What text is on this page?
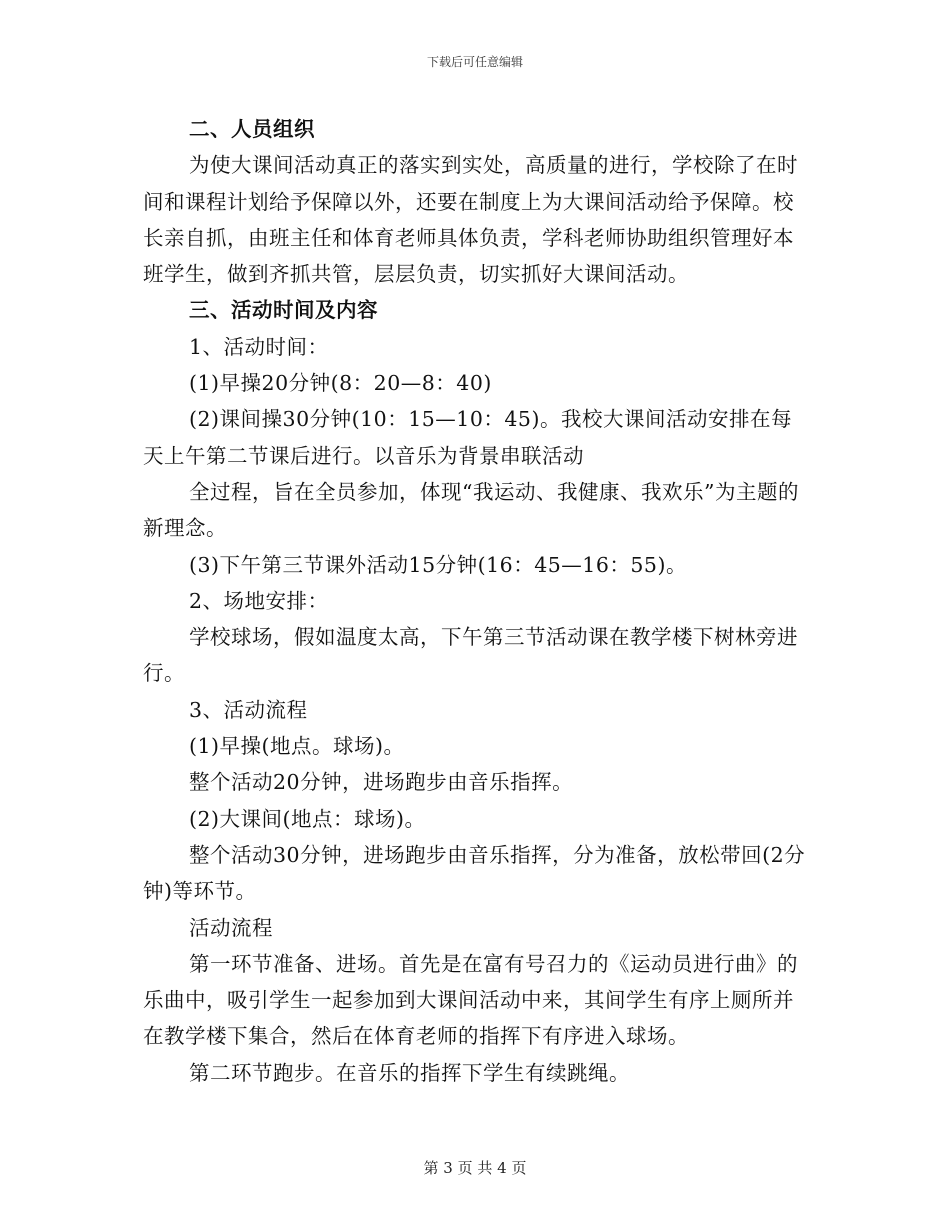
下载后可任意编辑

二、人员组织

为使大课间活动真正的落实到实处，高质量的进行，学校除了在时间和课程计划给予保障以外，还要在制度上为大课间活动给予保障。校长亲自抓，由班主任和体育老师具体负责，学科老师协助组织管理好本班学生，做到齐抓共管，层层负责，切实抓好大课间活动。

三、活动时间及内容

1、活动时间：

(1)早操20分钟(8：20—8：40)

(2)课间操30分钟(10：15—10：45)。我校大课间活动安排在每天上午第二节课后进行。以音乐为背景串联活动

全过程，旨在全员参加，体现“我运动、我健康、我欢乐”为主题的新理念。

(3)下午第三节课外活动15分钟(16：45—16：55)。

2、场地安排：

学校球场，假如温度太高，下午第三节活动课在教学楼下树林旁进行。

3、活动流程

(1)早操(地点。球场)。

整个活动20分钟，进场跑步由音乐指挥。

(2)大课间(地点：球场)。

整个活动30分钟，进场跑步由音乐指挥，分为准备，放松带回(2分钟)等环节。

活动流程

第一环节准备、进场。首先是在富有号召力的《运动员进行曲》的乐曲中，吸引学生一起参加到大课间活动中来，其间学生有序上厕所并在教学楼下集合，然后在体育老师的指挥下有序进入球场。

第二环节跑步。在音乐的指挥下学生有续跳绳。

第 3 页 共 4 页
